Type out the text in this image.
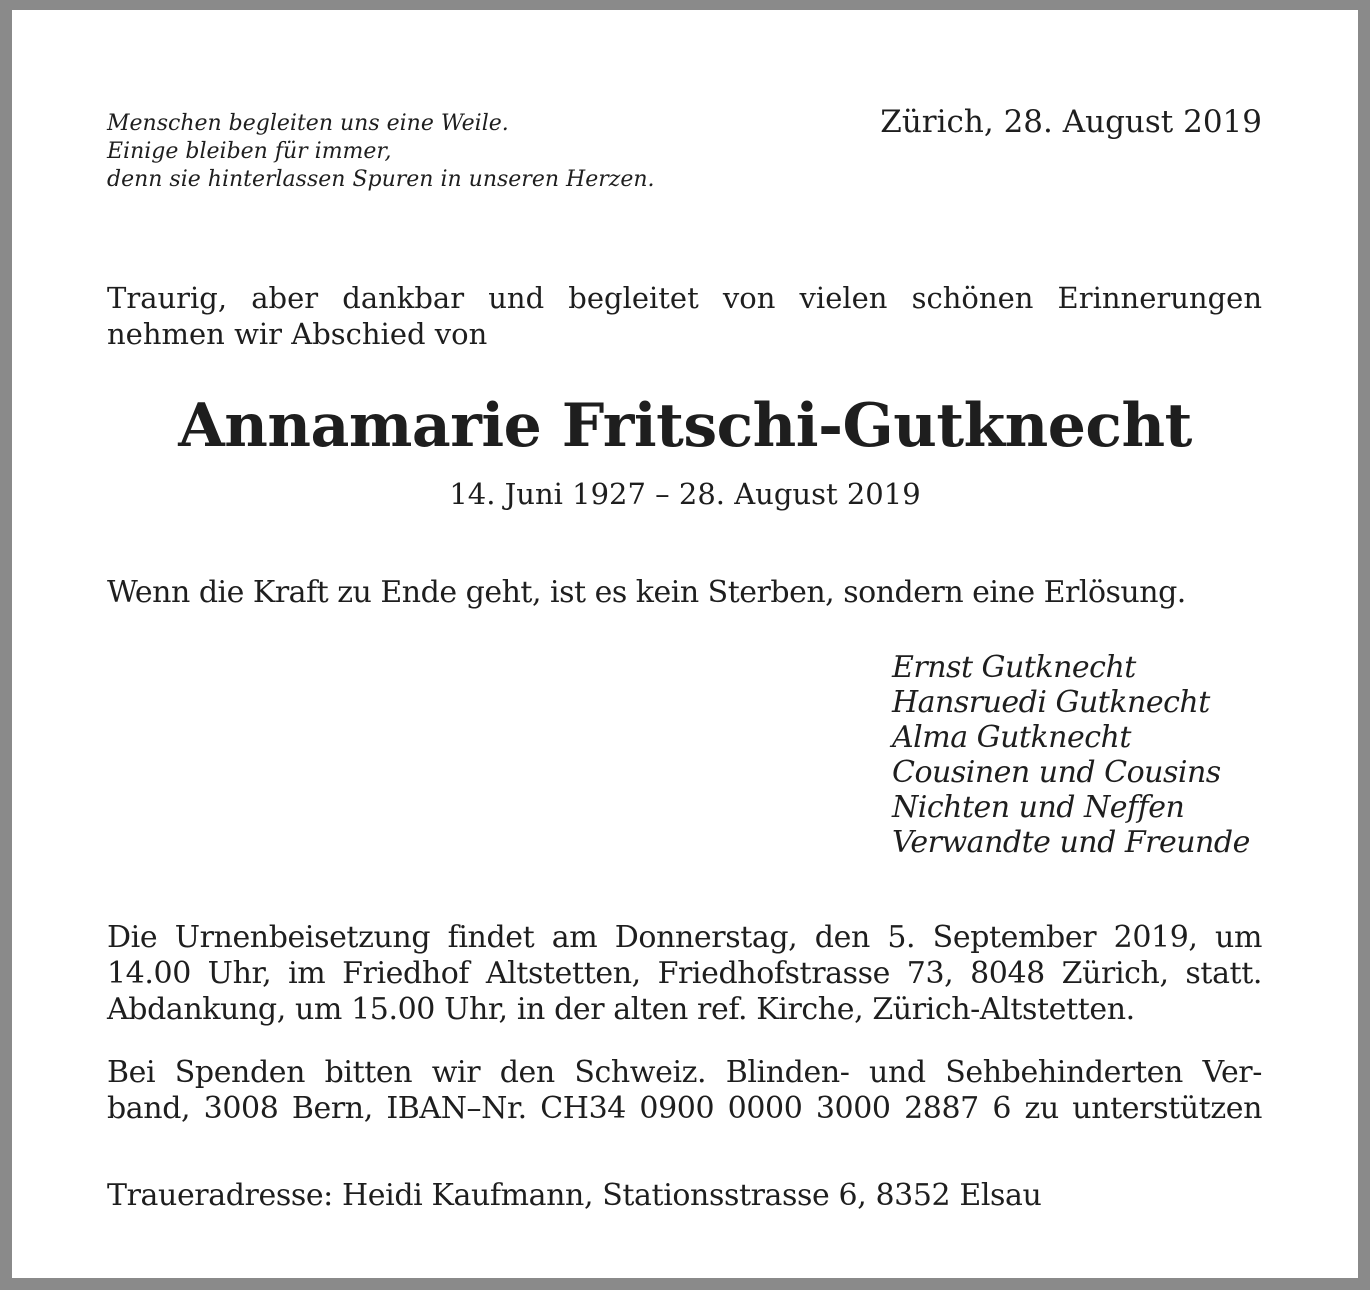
Menschen begleiten uns eine Weile.
Einige bleiben für immer,
denn sie hinterlassen Spuren in unseren Herzen.
Zürich, 28. August 2019
Traurig, aber dankbar und begleitet von vielen schönen Erinnerungen
nehmen wir Abschied von
Annamarie Fritschi-Gutknecht
14. Juni 1927 – 28. August 2019
Wenn die Kraft zu Ende geht, ist es kein Sterben, sondern eine Erlösung.
Ernst Gutknecht
Hansruedi Gutknecht
Alma Gutknecht
Cousinen und Cousins
Nichten und Neffen
Verwandte und Freunde
Die Urnenbeisetzung findet am Donnerstag, den 5. September 2019, um
14.00 Uhr, im Friedhof Altstetten, Friedhofstrasse 73, 8048 Zürich, statt.
Abdankung, um 15.00 Uhr, in der alten ref. Kirche, Zürich-Altstetten.
Bei Spenden bitten wir den Schweiz. Blinden- und Sehbehinderten Ver-
band, 3008 Bern, IBAN–Nr. CH34 0900 0000 3000 2887 6 zu unterstützen
Traueradresse: Heidi Kaufmann, Stationsstrasse 6, 8352 Elsau
